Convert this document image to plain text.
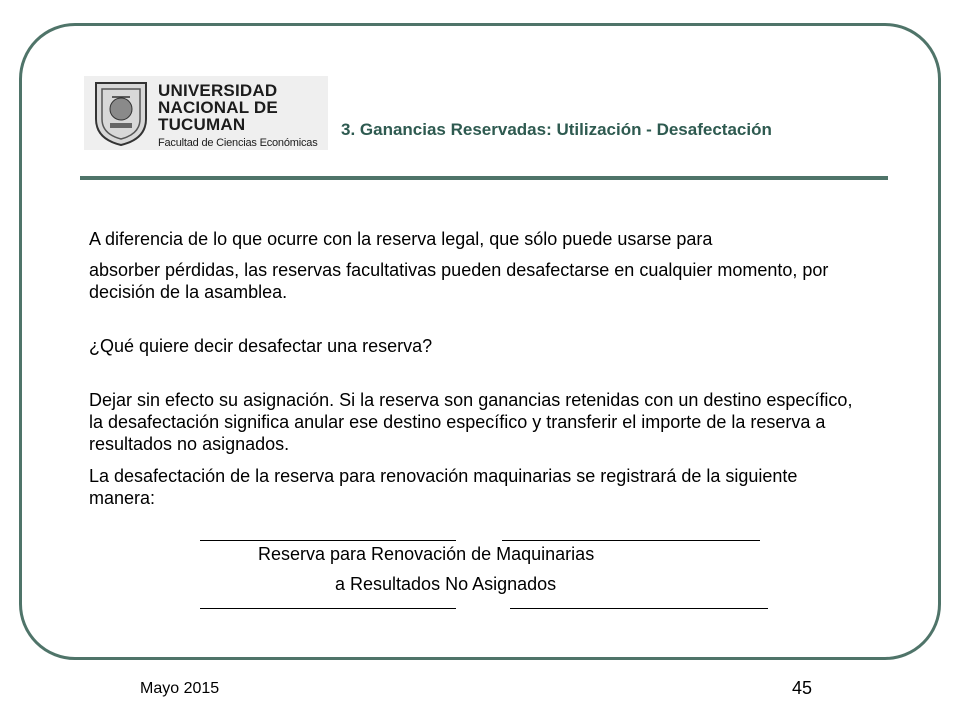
UNIVERSIDAD
NACIONAL DE
TUCUMAN
Facultad de Ciencias Económicas
3. Ganancias Reservadas: Utilización - Desafectación

A diferencia de lo que ocurre con la reserva legal, que sólo puede usarse para

absorber pérdidas, las reservas facultativas pueden desafectarse en cualquier momento, por decisión de la asamblea.

¿Qué quiere decir desafectar una reserva?

Dejar sin efecto su asignación. Si la reserva son ganancias retenidas con un destino específico, la desafectación significa anular ese destino específico y transferir el importe de la reserva a resultados no asignados.

La desafectación de la reserva para renovación maquinarias se registrará de la siguiente manera:

Reserva para Renovación de Maquinarias
a Resultados No Asignados
Mayo 2015	45
